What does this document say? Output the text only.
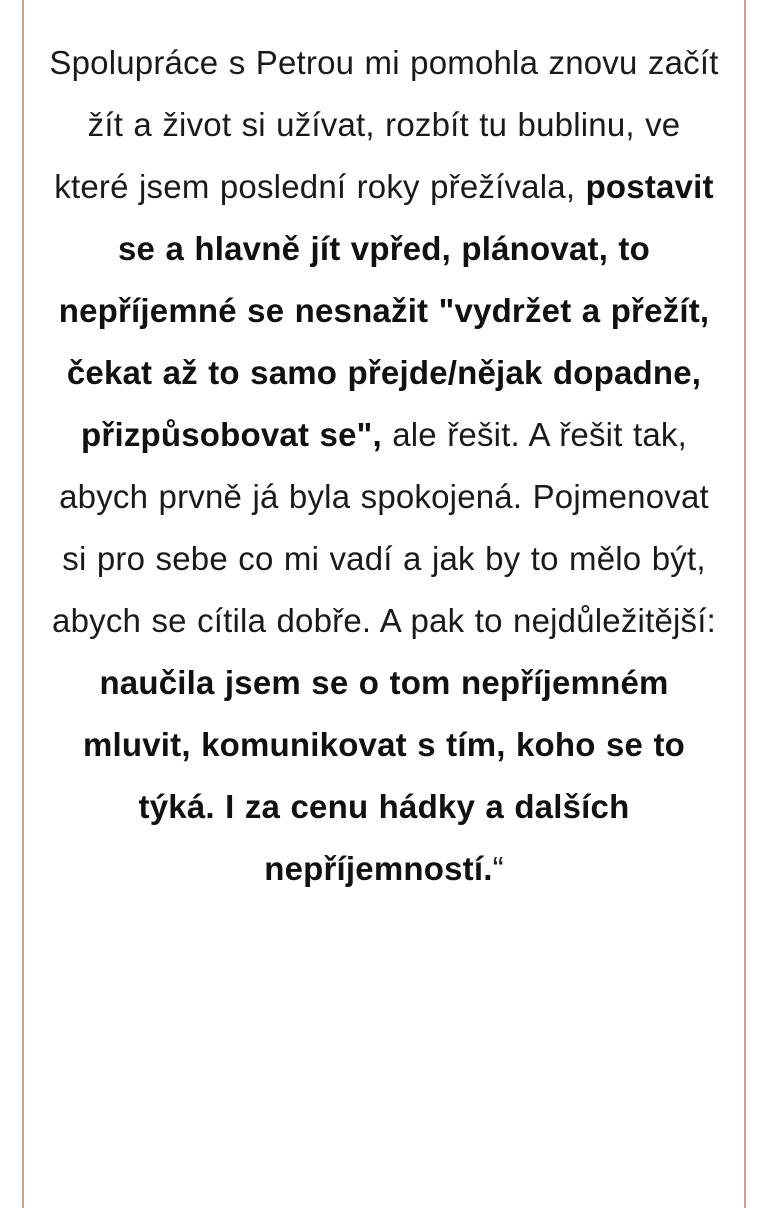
Spolupráce s Petrou mi pomohla znovu začít žít a život si užívat, rozbít tu bublinu, ve které jsem poslední roky přežívala, postavit se a hlavně jít vpřed, plánovat, to nepříjemné se nesnažit "vydržet a přežít, čekat až to samo přejde/nějak dopadne, přizpůsobovat se", ale řešit. A řešit tak, abych prvně já byla spokojená. Pojmenovat si pro sebe co mi vadí a jak by to mělo být, abych se cítila dobře. A pak to nejdůležitější: naučila jsem se o tom nepříjemném mluvit, komunikovat s tím, koho se to týká. I za cenu hádky a dalších nepříjemností.“
